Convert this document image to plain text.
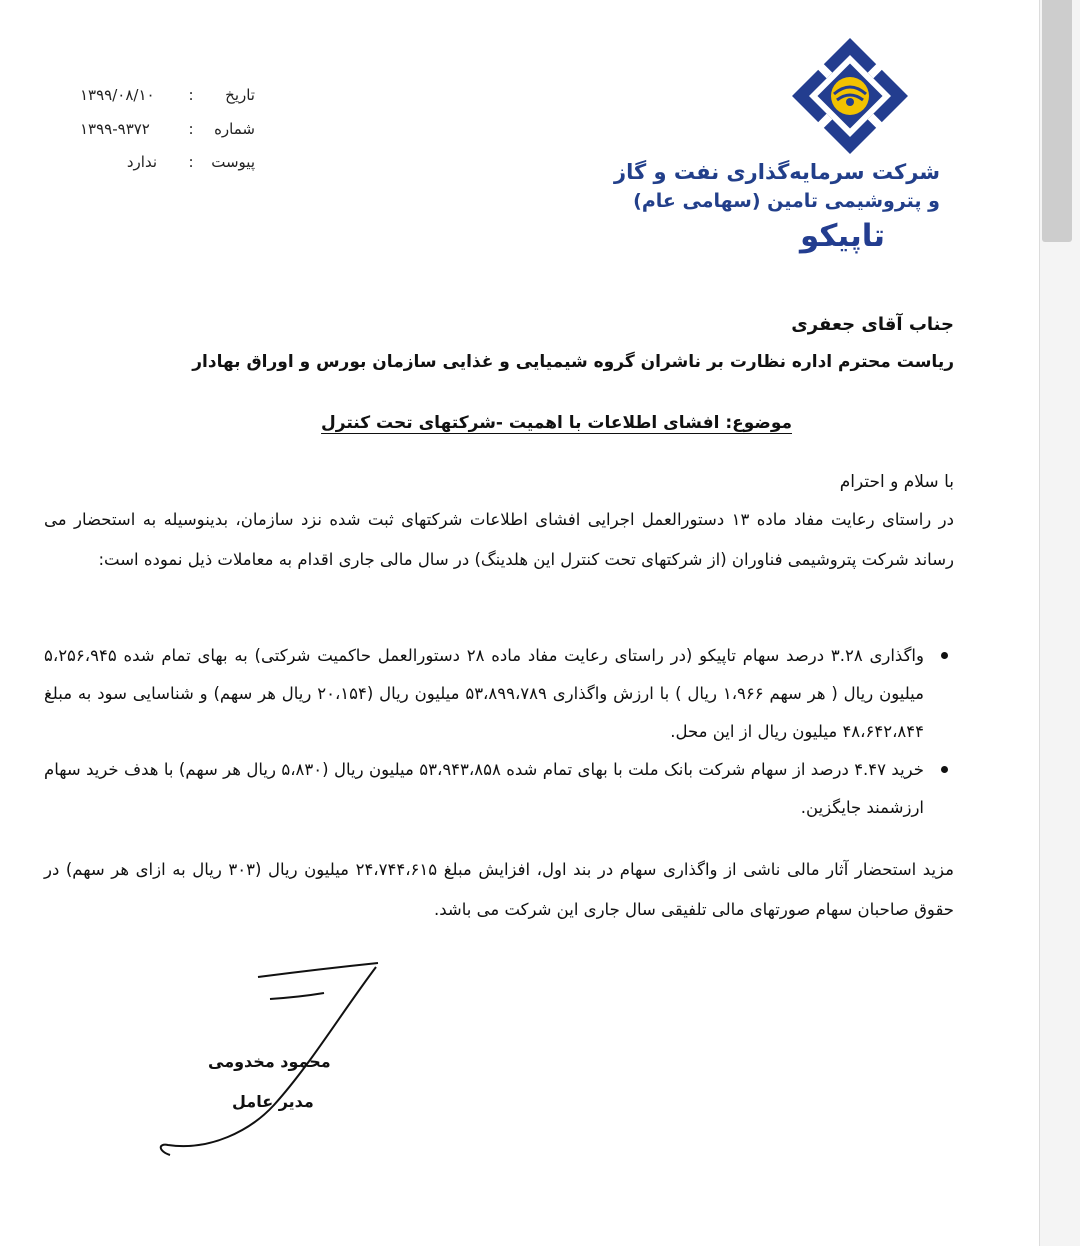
تاریخ
:
۱۳۹۹/۰۸/۱۰
شماره
:
۱۳۹۹-۹۳۷۲
پیوست
:
ندارد	شرکت سرمایه‌گذاری نفت و گاز
و پتروشیمی تامین (سهامی عام)
تاپیکو
جناب آقای جعفری
ریاست محترم اداره نظارت بر ناشران گروه شیمیایی و غذایی سازمان بورس و اوراق بهادار
موضوع: افشای اطلاعات با اهمیت -شرکتهای تحت کنترل
با سلام و احترام

در راستای رعایت مفاد ماده ۱۳ دستورالعمل اجرایی افشای اطلاعات شرکتهای ثبت شده نزد سازمان، بدینوسیله به استحضار می رساند شرکت پتروشیمی فناوران (از شرکتهای تحت کنترل این هلدینگ) در سال مالی جاری اقدام به معاملات ذیل نموده است:

واگذاری ۳.۲۸ درصد سهام تاپیکو (در راستای رعایت مفاد ماده ۲۸ دستورالعمل حاکمیت شرکتی) به بهای تمام شده ۵،۲۵۶،۹۴۵ میلیون ریال ( هر سهم ۱،۹۶۶ ریال ) با ارزش واگذاری ۵۳،۸۹۹،۷۸۹ میلیون ریال (۲۰،۱۵۴ ریال هر سهم) و شناسایی سود به مبلغ ۴۸،۶۴۲،۸۴۴ میلیون ریال از این محل.
خرید ۴.۴۷ درصد از سهام شرکت بانک ملت با بهای تمام شده ۵۳،۹۴۳،۸۵۸ میلیون ریال (۵،۸۳۰ ریال هر سهم) با هدف خرید سهام ارزشمند جایگزین.

مزید استحضار آثار مالی ناشی از واگذاری سهام در بند اول، افزایش مبلغ ۲۴،۷۴۴،۶۱۵ میلیون ریال (۳۰۳ ریال به ازای هر سهم) در حقوق صاحبان سهام صورتهای مالی تلفیقی سال جاری این شرکت می باشد.

محمود مخدومی
مدیر عامل
